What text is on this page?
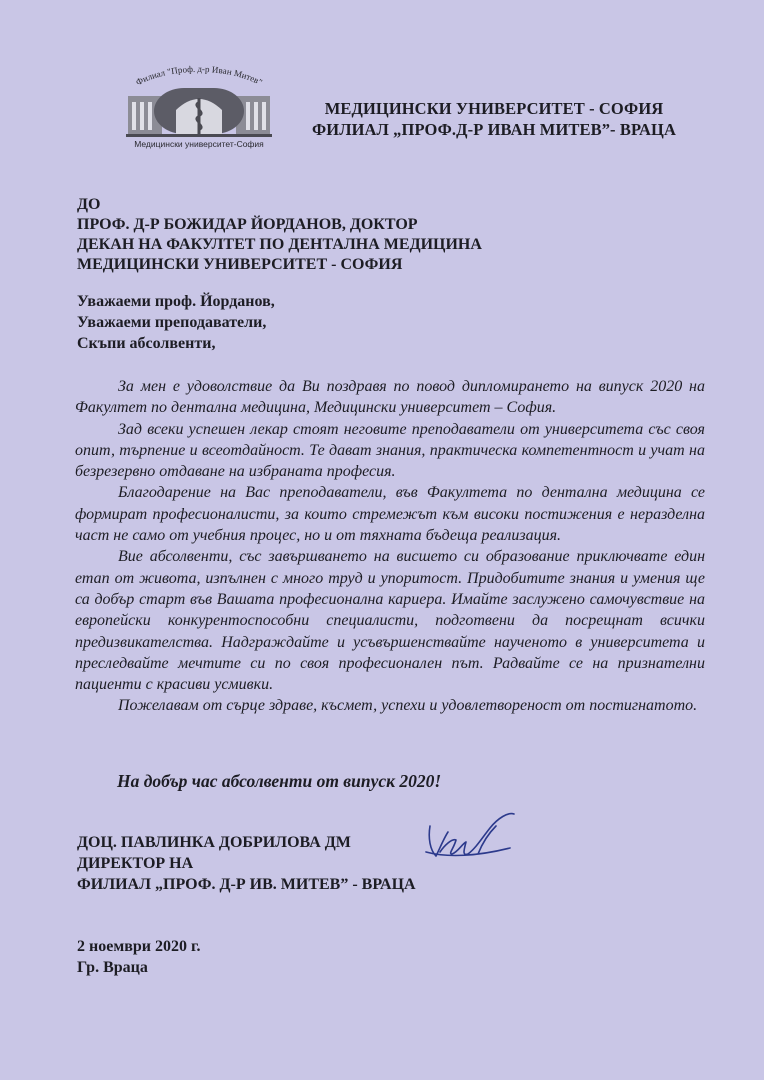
Филиал "Проф. д-р Иван Митев"
Медицински университет-София
МЕДИЦИНСКИ УНИВЕРСИТЕТ - СОФИЯ
ФИЛИАЛ „ПРОФ.Д-Р ИВАН МИТЕВ”- ВРАЦА
ДО
ПРОФ. Д-Р БОЖИДАР ЙОРДАНОВ, ДОКТОР
ДЕКАН НА ФАКУЛТЕТ ПО ДЕНТАЛНА МЕДИЦИНА
МЕДИЦИНСКИ УНИВЕРСИТЕТ - СОФИЯ
Уважаеми проф. Йорданов,
Уважаеми преподаватели,
Скъпи абсолвенти,

За мен е удоволствие да Ви поздравя по повод дипломирането на випуск 2020 на Факултет по дентална медицина, Медицински университет – София.

Зад всеки успешен лекар стоят неговите преподаватели от университета със своя опит, търпение и всеотдайност. Те дават знания, практическа компетентност и учат на безрезервно отдаване на избраната професия.

Благодарение на Вас преподаватели, във Факултета по дентална медицина се формират професионалисти, за които стремежът към високи постижения е неразделна част не само от учебния процес, но и от тяхната бъдеща реализация.

Вие абсолвенти, със завършването на висшето си образование приключвате един етап от живота, изпълнен с много труд и упоритост. Придобитите знания и умения ще са добър старт във Вашата професионална кариера. Имайте заслужено самочувствие на европейски конкурентоспособни специалисти, подготвени да посрещнат всички предизвикателства. Надграждайте и усъвършенствайте наученото в университета и преследвайте мечтите си по своя професионален път. Радвайте се на признателни пациенти с красиви усмивки.

Пожелавам от сърце здраве, късмет, успехи и удовлетвореност от постигнатото.

На добър час абсолвенти от випуск 2020!
ДОЦ. ПАВЛИНКА ДОБРИЛОВА ДМ
ДИРЕКТОР НА
ФИЛИАЛ „ПРОФ. Д-Р ИВ. МИТЕВ” - ВРАЦА
2 ноември 2020 г.
Гр. Враца
